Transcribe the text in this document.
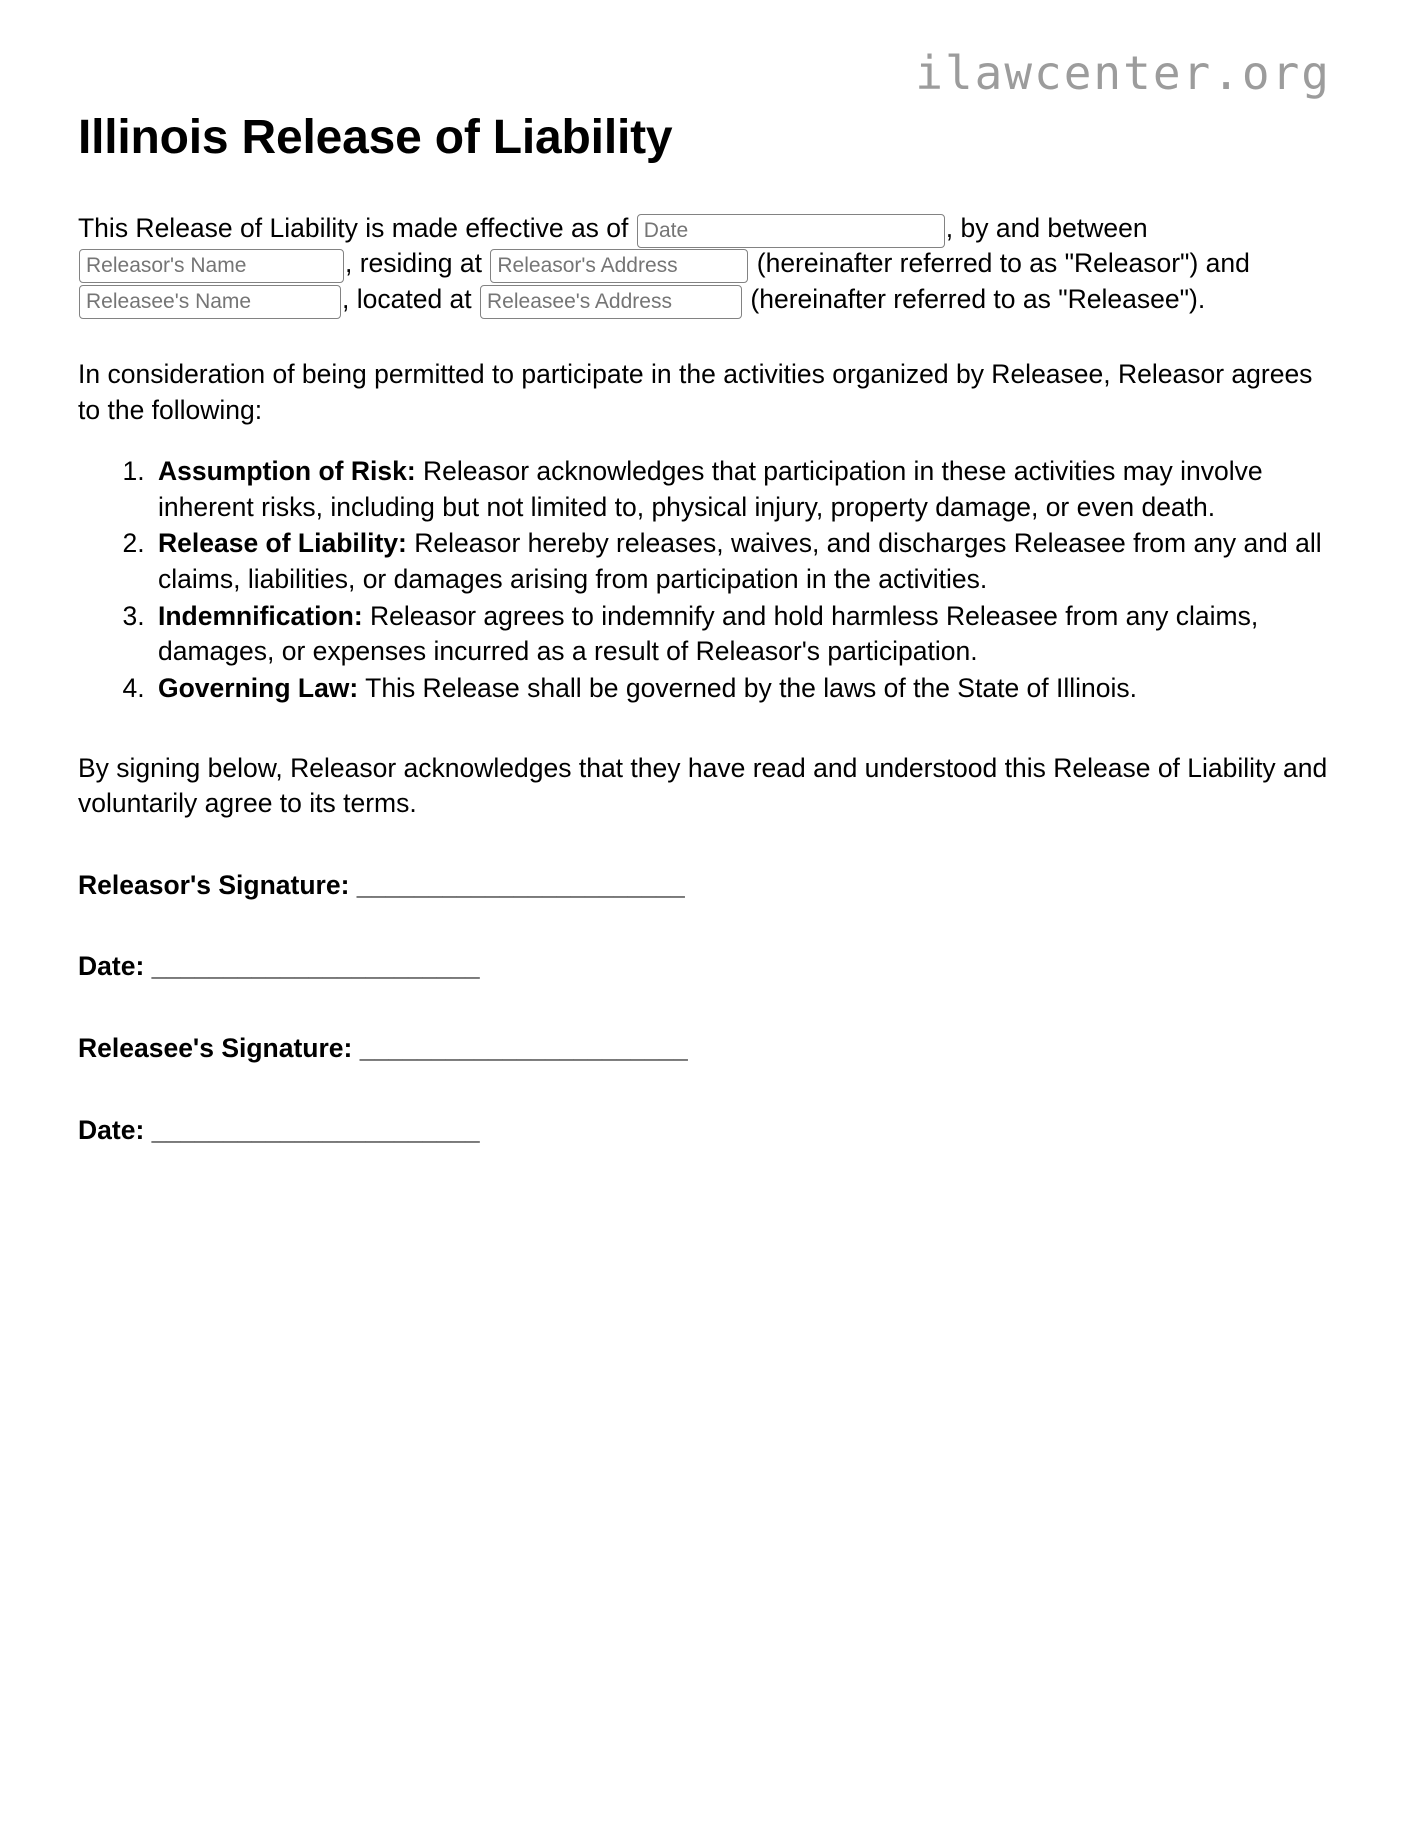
ilawcenter.org
Illinois Release of Liability

This Release of Liability is made effective as of Date	, by and between Releasor's Name, residing at Releasor's Address	(hereinafter referred to as "Releasor") and Releasee's Name, located at Releasee's Address	(hereinafter referred to as "Releasee").

In consideration of being permitted to participate in the activities organized by Releasee, Releasor agrees to the following:

1. Assumption of Risk: Releasor acknowledges that participation in these activities may involve inherent risks, including but not limited to, physical injury, property damage, or even death.
2. Release of Liability: Releasor hereby releases, waives, and discharges Releasee from any and all claims, liabilities, or damages arising from participation in the activities.
3. Indemnification: Releasor agrees to indemnify and hold harmless Releasee from any claims, damages, or expenses incurred as a result of Releasor's participation.
4. Governing Law: This Release shall be governed by the laws of the State of Illinois.

By signing below, Releasor acknowledges that they have read and understood this Release of Liability and voluntarily agree to its terms.

Releasor's Signature: _______________________
Date: _______________________
Releasee's Signature: _______________________
Date: _______________________
